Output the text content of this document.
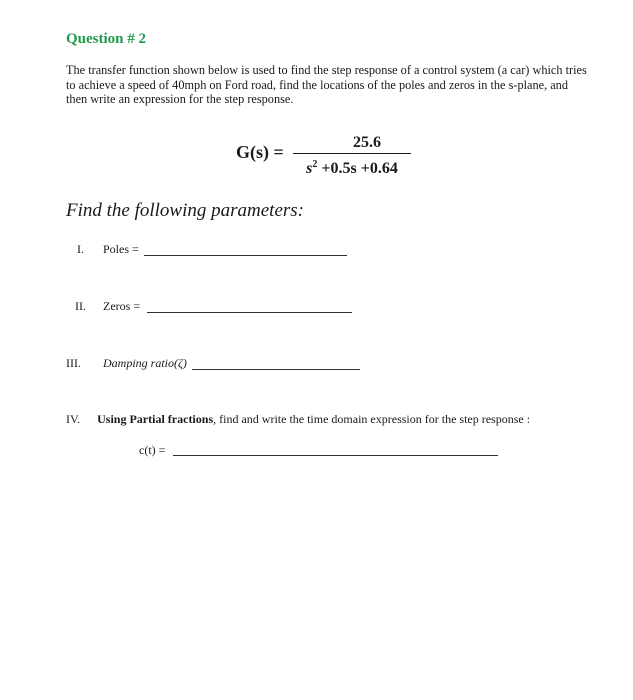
Question # 2
The transfer function shown below is used to find the step response of a control system (a car) which tries
to achieve a speed of 40mph on Ford road, find the locations of the poles and zeros in the s-plane, and
then write an expression for the step response.
G(s) =	25.6
$s^2 +0.5s +0.64$
Find the following parameters:
I. Poles =
II. Zeros =
III. Damping ratio(ζ)
IV. Using Partial fractions, find and write the time domain expression for the step response :
c(t) =
